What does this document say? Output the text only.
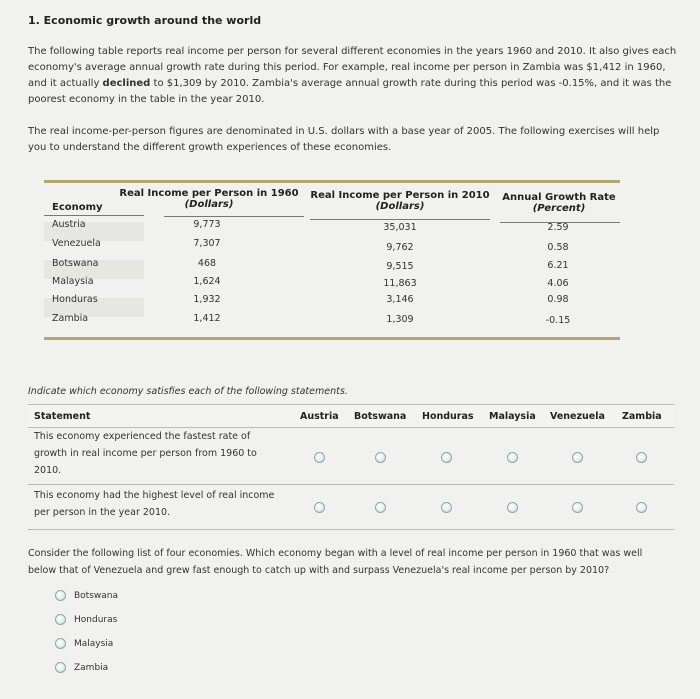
1. Economic growth around the world
The following table reports real income per person for several different economies in the years 1960 and 2010. It also gives each
economy's average annual growth rate during this period. For example, real income per person in Zambia was $1,412 in 1960,
and it actually declined to $1,309 by 2010. Zambia's average annual growth rate during this period was -0.15%, and it was the
poorest economy in the table in the year 2010.
The real income-per-person figures are denominated in U.S. dollars with a base year of 2005. The following exercises will help
you to understand the different growth experiences of these economies.
Economy
Real Income per Person in 1960
(Dollars)
Real Income per Person in 2010
(Dollars)
Annual Growth Rate
(Percent)
Austria	9,773	35,031	2.59
Venezuela	7,307	9,762	0.58
Botswana	468	9,515	6.21
Malaysia	1,624	11,863	4.06
Honduras	1,932	3,146	0.98
Zambia	1,412	1,309	-0.15
Indicate which economy satisfies each of the following statements.
Statement	Austria Botswana Honduras Malaysia Venezuela Zambia
This economy experienced the fastest rate of
growth in real income per person from 1960 to
2010.
This economy had the highest level of real income
per person in the year 2010.
Consider the following list of four economies. Which economy began with a level of real income per person in 1960 that was well
below that of Venezuela and grew fast enough to catch up with and surpass Venezuela's real income per person by 2010?
Botswana
Honduras
Malaysia
Zambia
